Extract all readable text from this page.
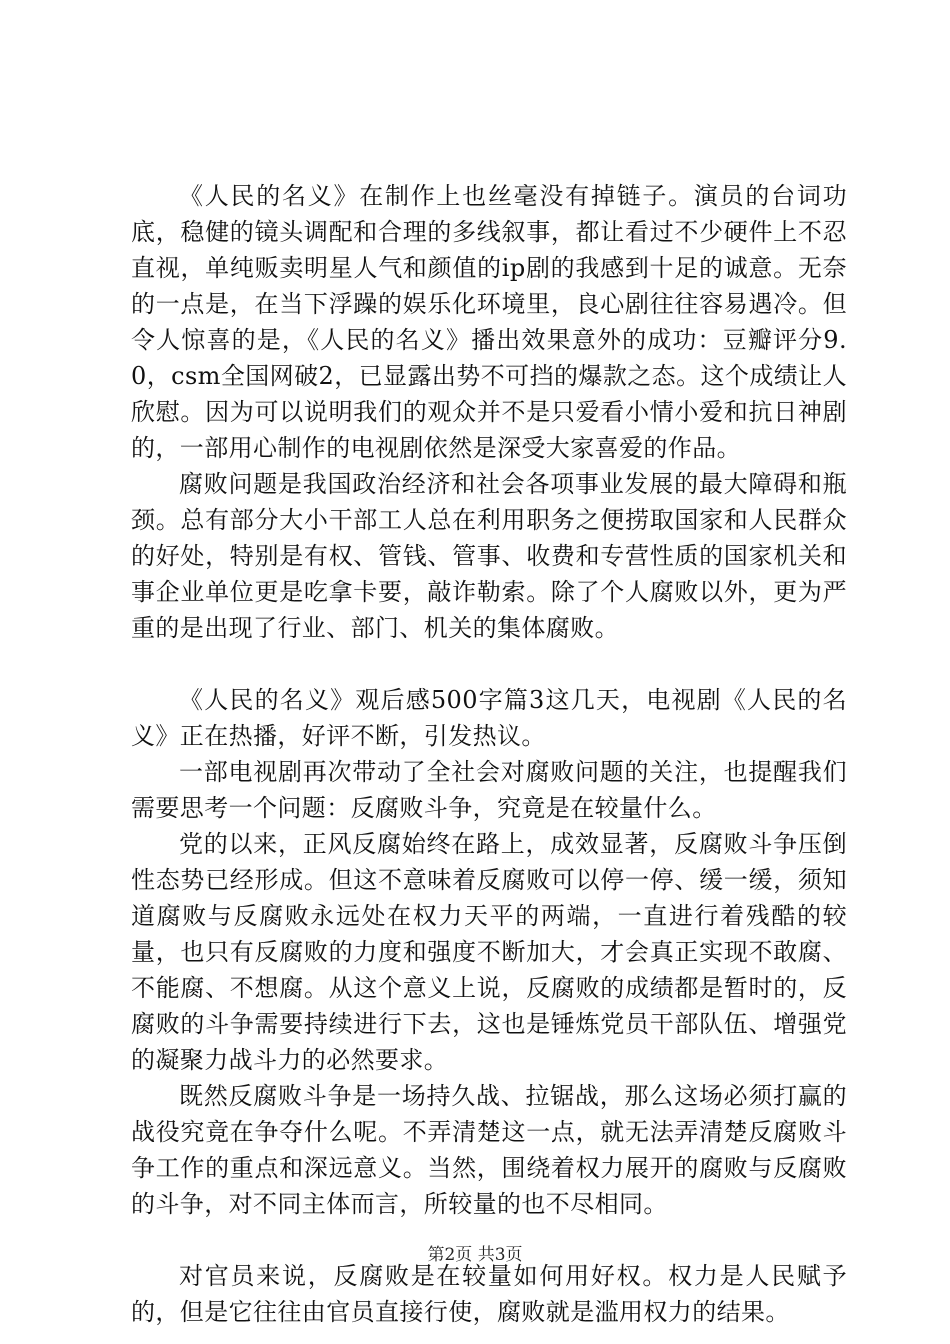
《人民的名义》在制作上也丝毫没有掉链子。演员的台词功底，稳健的镜头调配和合理的多线叙事，都让看过不少硬件上不忍直视，单纯贩卖明星人气和颜值的ip剧的我感到十足的诚意。无奈的一点是，在当下浮躁的娱乐化环境里，良心剧往往容易遇冷。但令人惊喜的是，《人民的名义》播出效果意外的成功：豆瓣评分9.0，csm全国网破2，已显露出势不可挡的爆款之态。这个成绩让人欣慰。因为可以说明我们的观众并不是只爱看小情小爱和抗日神剧的，一部用心制作的电视剧依然是深受大家喜爱的作品。

腐败问题是我国政治经济和社会各项事业发展的最大障碍和瓶颈。总有部分大小干部工人总在利用职务之便捞取国家和人民群众的好处，特别是有权、管钱、管事、收费和专营性质的国家机关和事企业单位更是吃拿卡要，敲诈勒索。除了个人腐败以外，更为严重的是出现了行业、部门、机关的集体腐败。

《人民的名义》观后感500字篇3这几天，电视剧《人民的名义》正在热播，好评不断，引发热议。

一部电视剧再次带动了全社会对腐败问题的关注，也提醒我们需要思考一个问题：反腐败斗争，究竟是在较量什么。

党的以来，正风反腐始终在路上，成效显著，反腐败斗争压倒性态势已经形成。但这不意味着反腐败可以停一停、缓一缓，须知道腐败与反腐败永远处在权力天平的两端，一直进行着残酷的较量，也只有反腐败的力度和强度不断加大，才会真正实现不敢腐、不能腐、不想腐。从这个意义上说，反腐败的成绩都是暂时的，反腐败的斗争需要持续进行下去，这也是锤炼党员干部队伍、增强党的凝聚力战斗力的必然要求。

既然反腐败斗争是一场持久战、拉锯战，那么这场必须打赢的战役究竟在争夺什么呢。不弄清楚这一点，就无法弄清楚反腐败斗争工作的重点和深远意义。当然，围绕着权力展开的腐败与反腐败的斗争，对不同主体而言，所较量的也不尽相同。

对官员来说，反腐败是在较量如何用好权。权力是人民赋予的，但是它往往由官员直接行使，腐败就是滥用权力的结果。

第2页 共3页
